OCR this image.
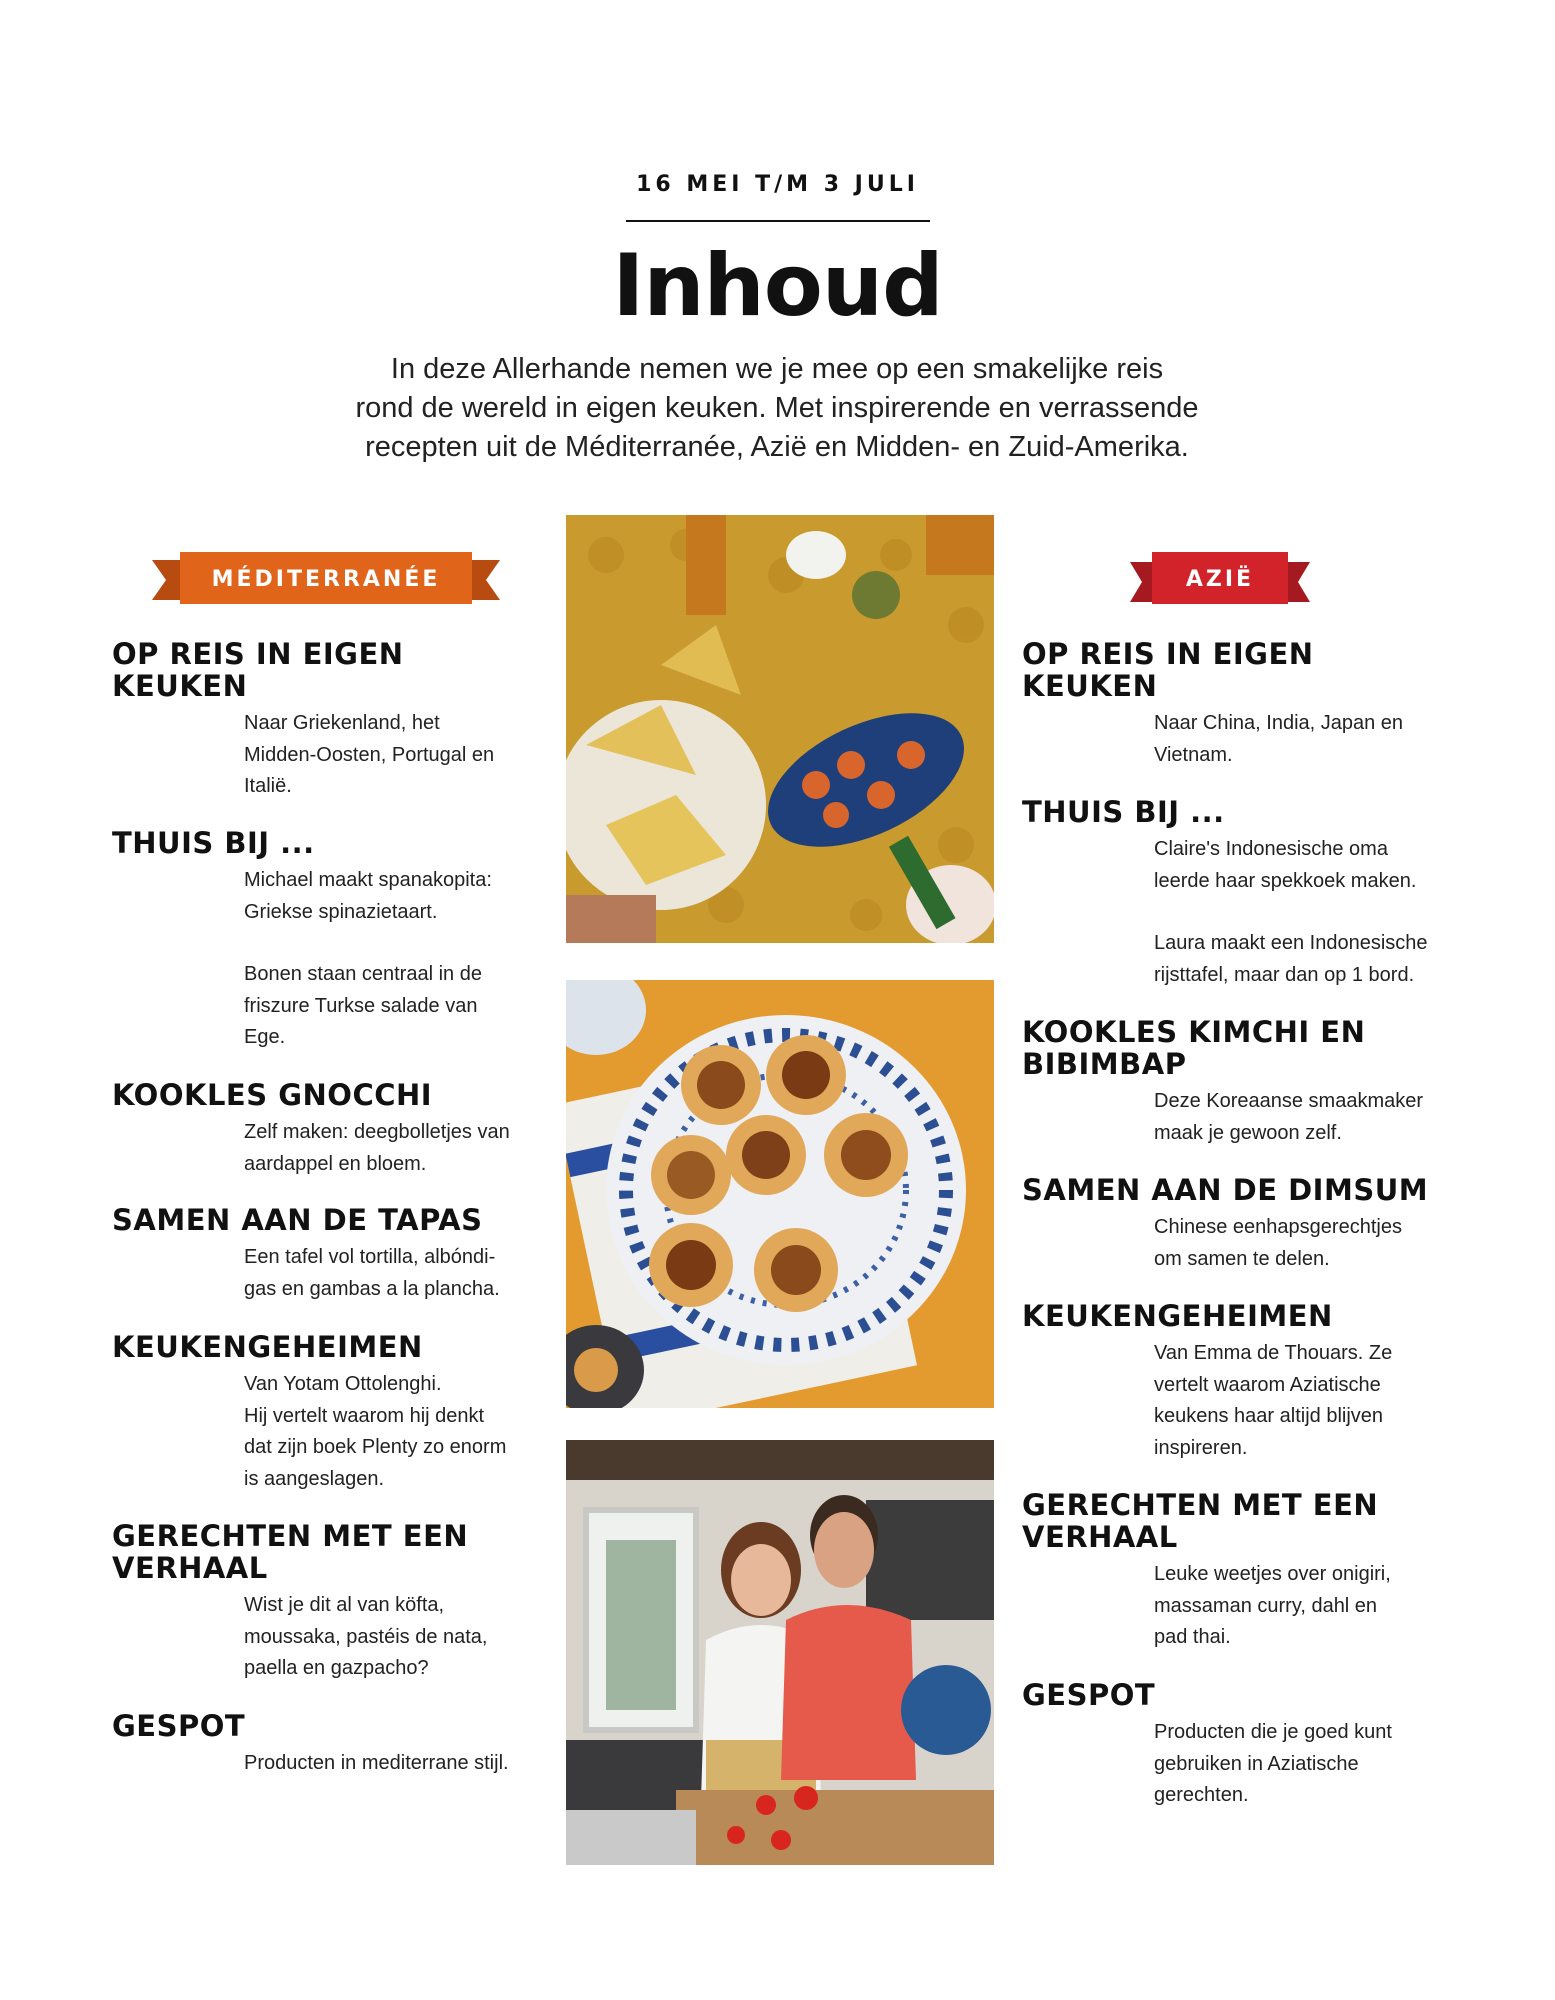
16 MEI T/M 3 JULI
Inhoud

In deze Allerhande nemen we je mee op een smakelijke reis
rond de wereld in eigen keuken. Met inspirerende en verrassende
recepten uit de Méditerranée, Azië en Midden- en Zuid-Amerika.

MÉDITERRANÉE	AZIË
OP REIS IN EIGEN
KEUKEN
Naar Griekenland, het
Midden-Oosten, Portugal en
Italië.
THUIS BIJ ...
Michael maakt spanakopita:
Griekse spinazietaart.
Bonen staan centraal in de
friszure Turkse salade van
Ege.
KOOKLES GNOCCHI
Zelf maken: deegbolletjes van
aardappel en bloem.
SAMEN AAN DE TAPAS
Een tafel vol tortilla, albóndi-
gas en gambas a la plancha.
KEUKENGEHEIMEN
Van Yotam Ottolenghi.
Hij vertelt waarom hij denkt
dat zijn boek Plenty zo enorm
is aangeslagen.
GERECHTEN MET EEN
VERHAAL
Wist je dit al van köfta,
moussaka, pastéis de nata,
paella en gazpacho?
GESPOT
Producten in mediterrane stijl.
OP REIS IN EIGEN
KEUKEN
Naar China, India, Japan en
Vietnam.
THUIS BIJ ...
Claire's Indonesische oma
leerde haar spekkoek maken.
Laura maakt een Indonesische
rijsttafel, maar dan op 1 bord.
KOOKLES KIMCHI EN
BIBIMBAP
Deze Koreaanse smaakmaker
maak je gewoon zelf.
SAMEN AAN DE DIMSUM
Chinese eenhapsgerechtjes
om samen te delen.
KEUKENGEHEIMEN
Van Emma de Thouars. Ze
vertelt waarom Aziatische
keukens haar altijd blijven
inspireren.
GERECHTEN MET EEN
VERHAAL
Leuke weetjes over onigiri,
massaman curry, dahl en
pad thai.
GESPOT
Producten die je goed kunt
gebruiken in Aziatische
gerechten.
